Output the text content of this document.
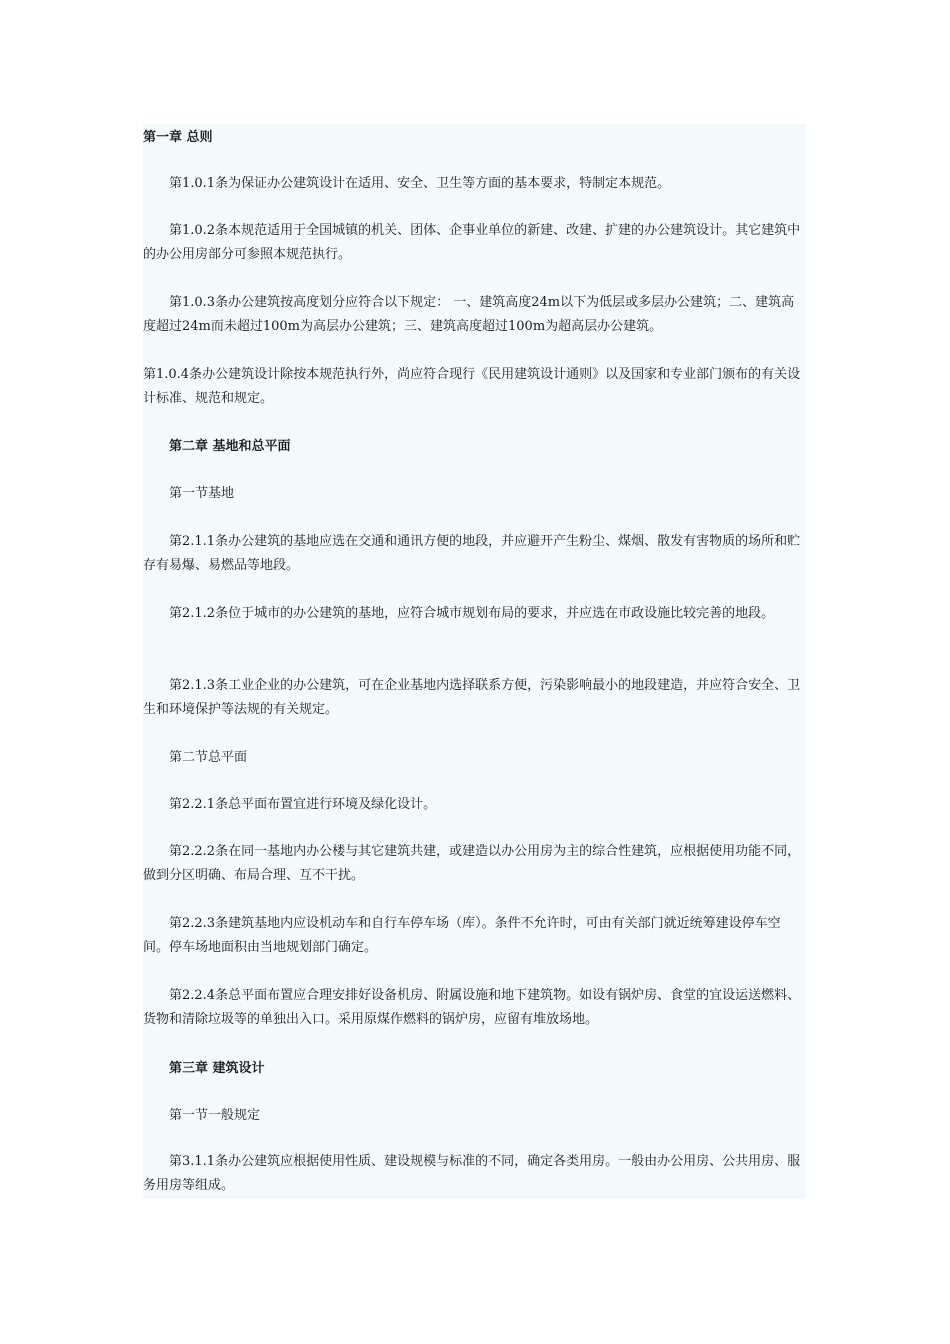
第一章 总则

第1.0.1条为保证办公建筑设计在适用、安全、卫生等方面的基本要求，特制定本规范。

第1.0.2条本规范适用于全国城镇的机关、团体、企事业单位的新建、改建、扩建的办公建筑设计。其它建筑中的办公用房部分可参照本规范执行。

第1.0.3条办公建筑按高度划分应符合以下规定： 一、建筑高度24m以下为低层或多层办公建筑；二、建筑高度超过24m而未超过100m为高层办公建筑；三、建筑高度超过100m为超高层办公建筑。

第1.0.4条办公建筑设计除按本规范执行外，尚应符合现行《民用建筑设计通则》以及国家和专业部门颁布的有关设计标准、规范和规定。

第二章 基地和总平面

第一节基地

第2.1.1条办公建筑的基地应选在交通和通讯方便的地段，并应避开产生粉尘、煤烟、散发有害物质的场所和贮存有易爆、易燃品等地段。

第2.1.2条位于城市的办公建筑的基地，应符合城市规划布局的要求，并应选在市政设施比较完善的地段。

第2.1.3条工业企业的办公建筑，可在企业基地内选择联系方便，污染影响最小的地段建造，并应符合安全、卫生和环境保护等法规的有关规定。

第二节总平面

第2.2.1条总平面布置宜进行环境及绿化设计。

第2.2.2条在同一基地内办公楼与其它建筑共建，或建造以办公用房为主的综合性建筑，应根据使用功能不同，做到分区明确、布局合理、互不干扰。

第2.2.3条建筑基地内应设机动车和自行车停车场（库）。条件不允许时，可由有关部门就近统筹建设停车空间。停车场地面积由当地规划部门确定。

第2.2.4条总平面布置应合理安排好设备机房、附属设施和地下建筑物。如设有锅炉房、食堂的宜设运送燃料、货物和清除垃圾等的单独出入口。采用原煤作燃料的锅炉房，应留有堆放场地。

第三章 建筑设计

第一节一般规定

第3.1.1条办公建筑应根据使用性质、建设规模与标准的不同，确定各类用房。一般由办公用房、公共用房、服务用房等组成。
